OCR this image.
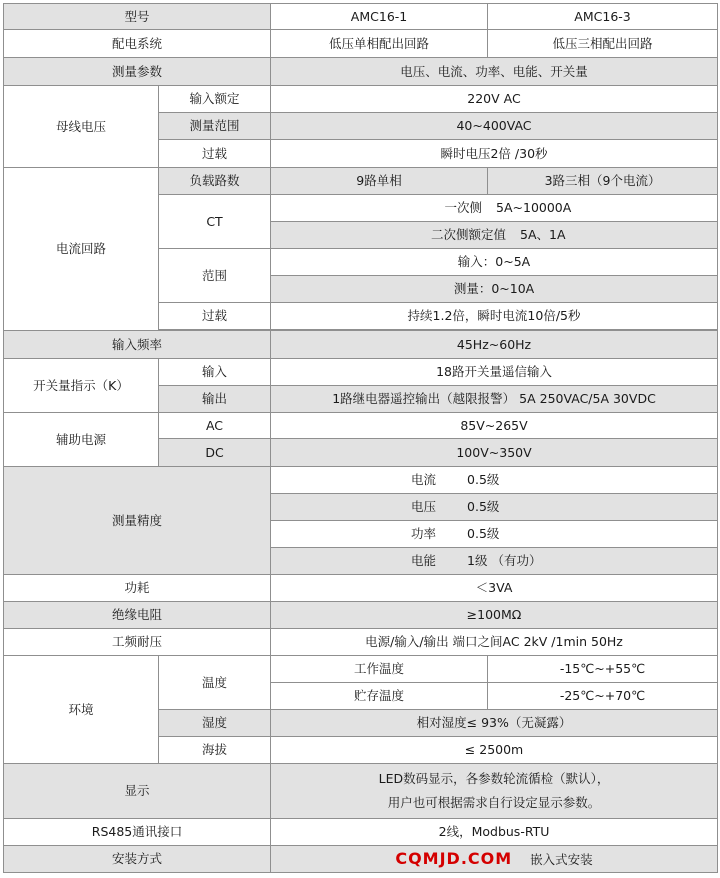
型号		AMC16-1	AMC16-3
配电系统		低压单相配出回路	低压三相配出回路
测量参数		电压、电流、功率、电能、开关量	
母线电压	输入额定	220V AC	
	测量范围	40~400VAC	
	过载	瞬时电压2倍 /30秒	
电流回路	负载路数	9路单相	3路三相（9个电流）
	CT	一次侧 5A~10000A	
		二次侧额定值 5A、1A	
	范围	输入：0~5A	
		测量：0~10A	
	过载	持续1.2倍，瞬时电流10倍/5秒	

输入频率		45Hz~60Hz	
开关量指示（K）	输入	18路开关量遥信输入	
	输出	1路继电器遥控输出（越限报警） 5A 250VAC/5A 30VDC	
辅助电源	AC	85V~265V	
	DC	100V~350V	
测量精度		电流 0.5级	
		电压 0.5级	
		功率 0.5级	
		电能 1级 （有功）	
功耗		＜3VA	
绝缘电阻		≥100MΩ	
工频耐压		电源/输入/输出 端口之间AC 2kV /1min 50Hz	
环境	温度	工作温度	-15℃~+55℃
		贮存温度	-25℃~+70℃
	湿度	相对湿度≤ 93%（无凝露）	
	海拔	≤ 2500m	
显示		LED数码显示，各参数轮流循检（默认），
用户也可根据需求自行设定显示参数。	

RS485通讯接口		2线，Modbus-RTU	
安装方式		CQMJD.COM 嵌入式安装	
